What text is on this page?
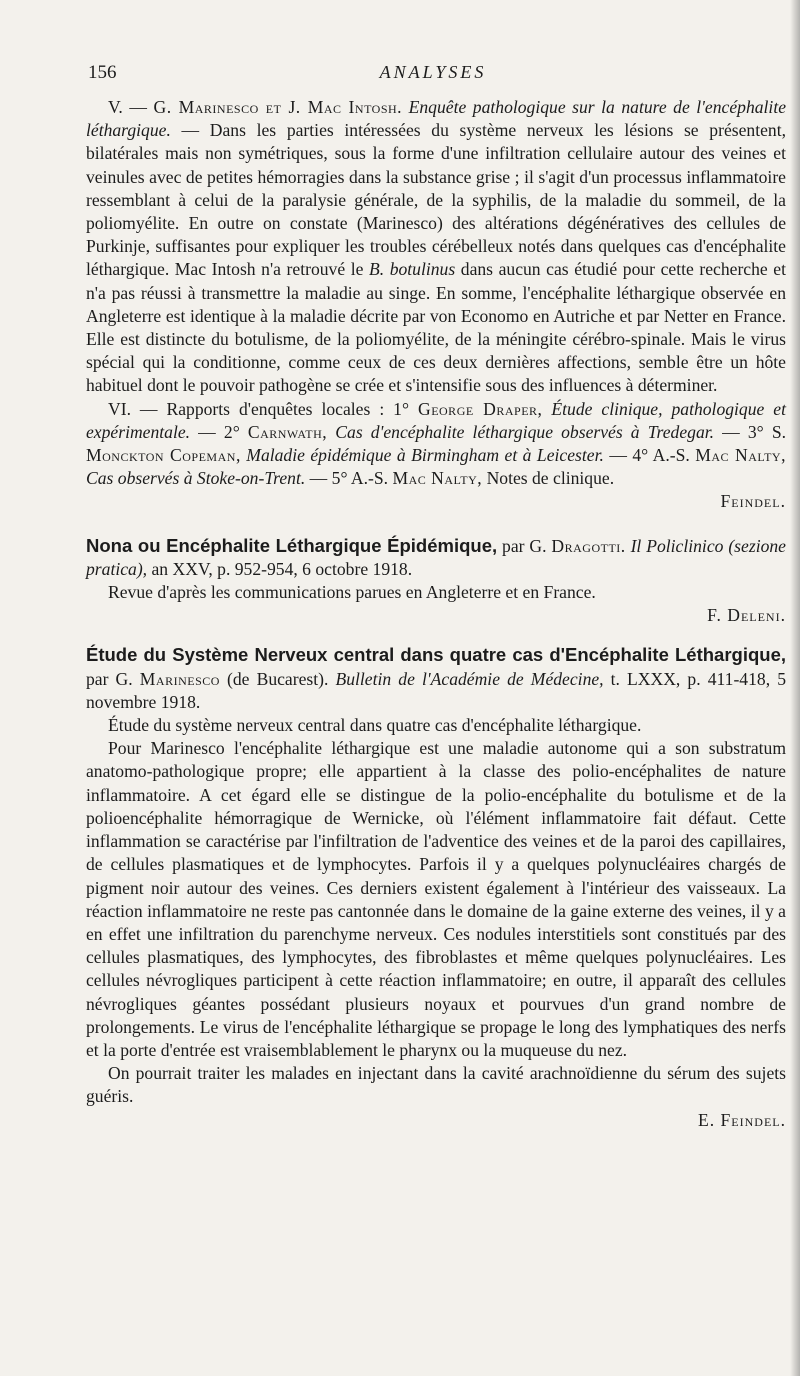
156	ANALYSES

V. — G. Marinesco et J. Mac Intosh. Enquête pathologique sur la nature de l'encéphalite léthargique. — Dans les parties intéressées du système nerveux les lésions se présentent, bilatérales mais non symétriques, sous la forme d'une infiltration cellulaire autour des veines et veinules avec de petites hémorragies dans la substance grise ; il s'agit d'un processus inflammatoire ressemblant à celui de la paralysie générale, de la syphilis, de la maladie du sommeil, de la poliomyélite. En outre on constate (Marinesco) des altérations dégénératives des cellules de Purkinje, suffisantes pour expliquer les troubles cérébelleux notés dans quelques cas d'encéphalite léthargique. Mac Intosh n'a retrouvé le B. botulinus dans aucun cas étudié pour cette recherche et n'a pas réussi à transmettre la maladie au singe. En somme, l'encéphalite léthargique observée en Angleterre est identique à la maladie décrite par von Economo en Autriche et par Netter en France. Elle est distincte du botulisme, de la poliomyélite, de la méningite cérébro-spinale. Mais le virus spécial qui la conditionne, comme ceux de ces deux dernières affections, semble être un hôte habituel dont le pouvoir pathogène se crée et s'intensifie sous des influences à déterminer.

VI. — Rapports d'enquêtes locales : 1° George Draper, Étude clinique, pathologique et expérimentale. — 2° Carnwath, Cas d'encéphalite léthargique observés à Tredegar. — 3° S. Monckton Copeman, Maladie épidémique à Birmingham et à Leicester. — 4° A.-S. Mac Nalty, Cas observés à Stoke-on-Trent. — 5° A.-S. Mac Nalty, Notes de clinique.

Feindel.

Nona ou Encéphalite Léthargique Épidémique, par G. Dragotti. Il Policlinico (sezione pratica), an XXV, p. 952-954, 6 octobre 1918.

Revue d'après les communications parues en Angleterre et en France.

F. Deleni.

Étude du Système Nerveux central dans quatre cas d'Encéphalite Léthargique, par G. Marinesco (de Bucarest). Bulletin de l'Académie de Médecine, t. LXXX, p. 411-418, 5 novembre 1918.

Étude du système nerveux central dans quatre cas d'encéphalite léthargique.

Pour Marinesco l'encéphalite léthargique est une maladie autonome qui a son substratum anatomo-pathologique propre; elle appartient à la classe des polio-encéphalites de nature inflammatoire. A cet égard elle se distingue de la polio-encéphalite du botulisme et de la polioencéphalite hémorragique de Wernicke, où l'élément inflammatoire fait défaut. Cette inflammation se caractérise par l'infiltration de l'adventice des veines et de la paroi des capillaires, de cellules plasmatiques et de lymphocytes. Parfois il y a quelques polynucléaires chargés de pigment noir autour des veines. Ces derniers existent également à l'intérieur des vaisseaux. La réaction inflammatoire ne reste pas cantonnée dans le domaine de la gaine externe des veines, il y a en effet une infiltration du parenchyme nerveux. Ces nodules interstitiels sont constitués par des cellules plasmatiques, des lymphocytes, des fibroblastes et même quelques polynucléaires. Les cellules névrogliques participent à cette réaction inflammatoire; en outre, il apparaît des cellules névrogliques géantes possédant plusieurs noyaux et pourvues d'un grand nombre de prolongements. Le virus de l'encéphalite léthargique se propage le long des lymphatiques des nerfs et la porte d'entrée est vraisemblablement le pharynx ou la muqueuse du nez.

On pourrait traiter les malades en injectant dans la cavité arachnoïdienne du sérum des sujets guéris.

E. Feindel.
